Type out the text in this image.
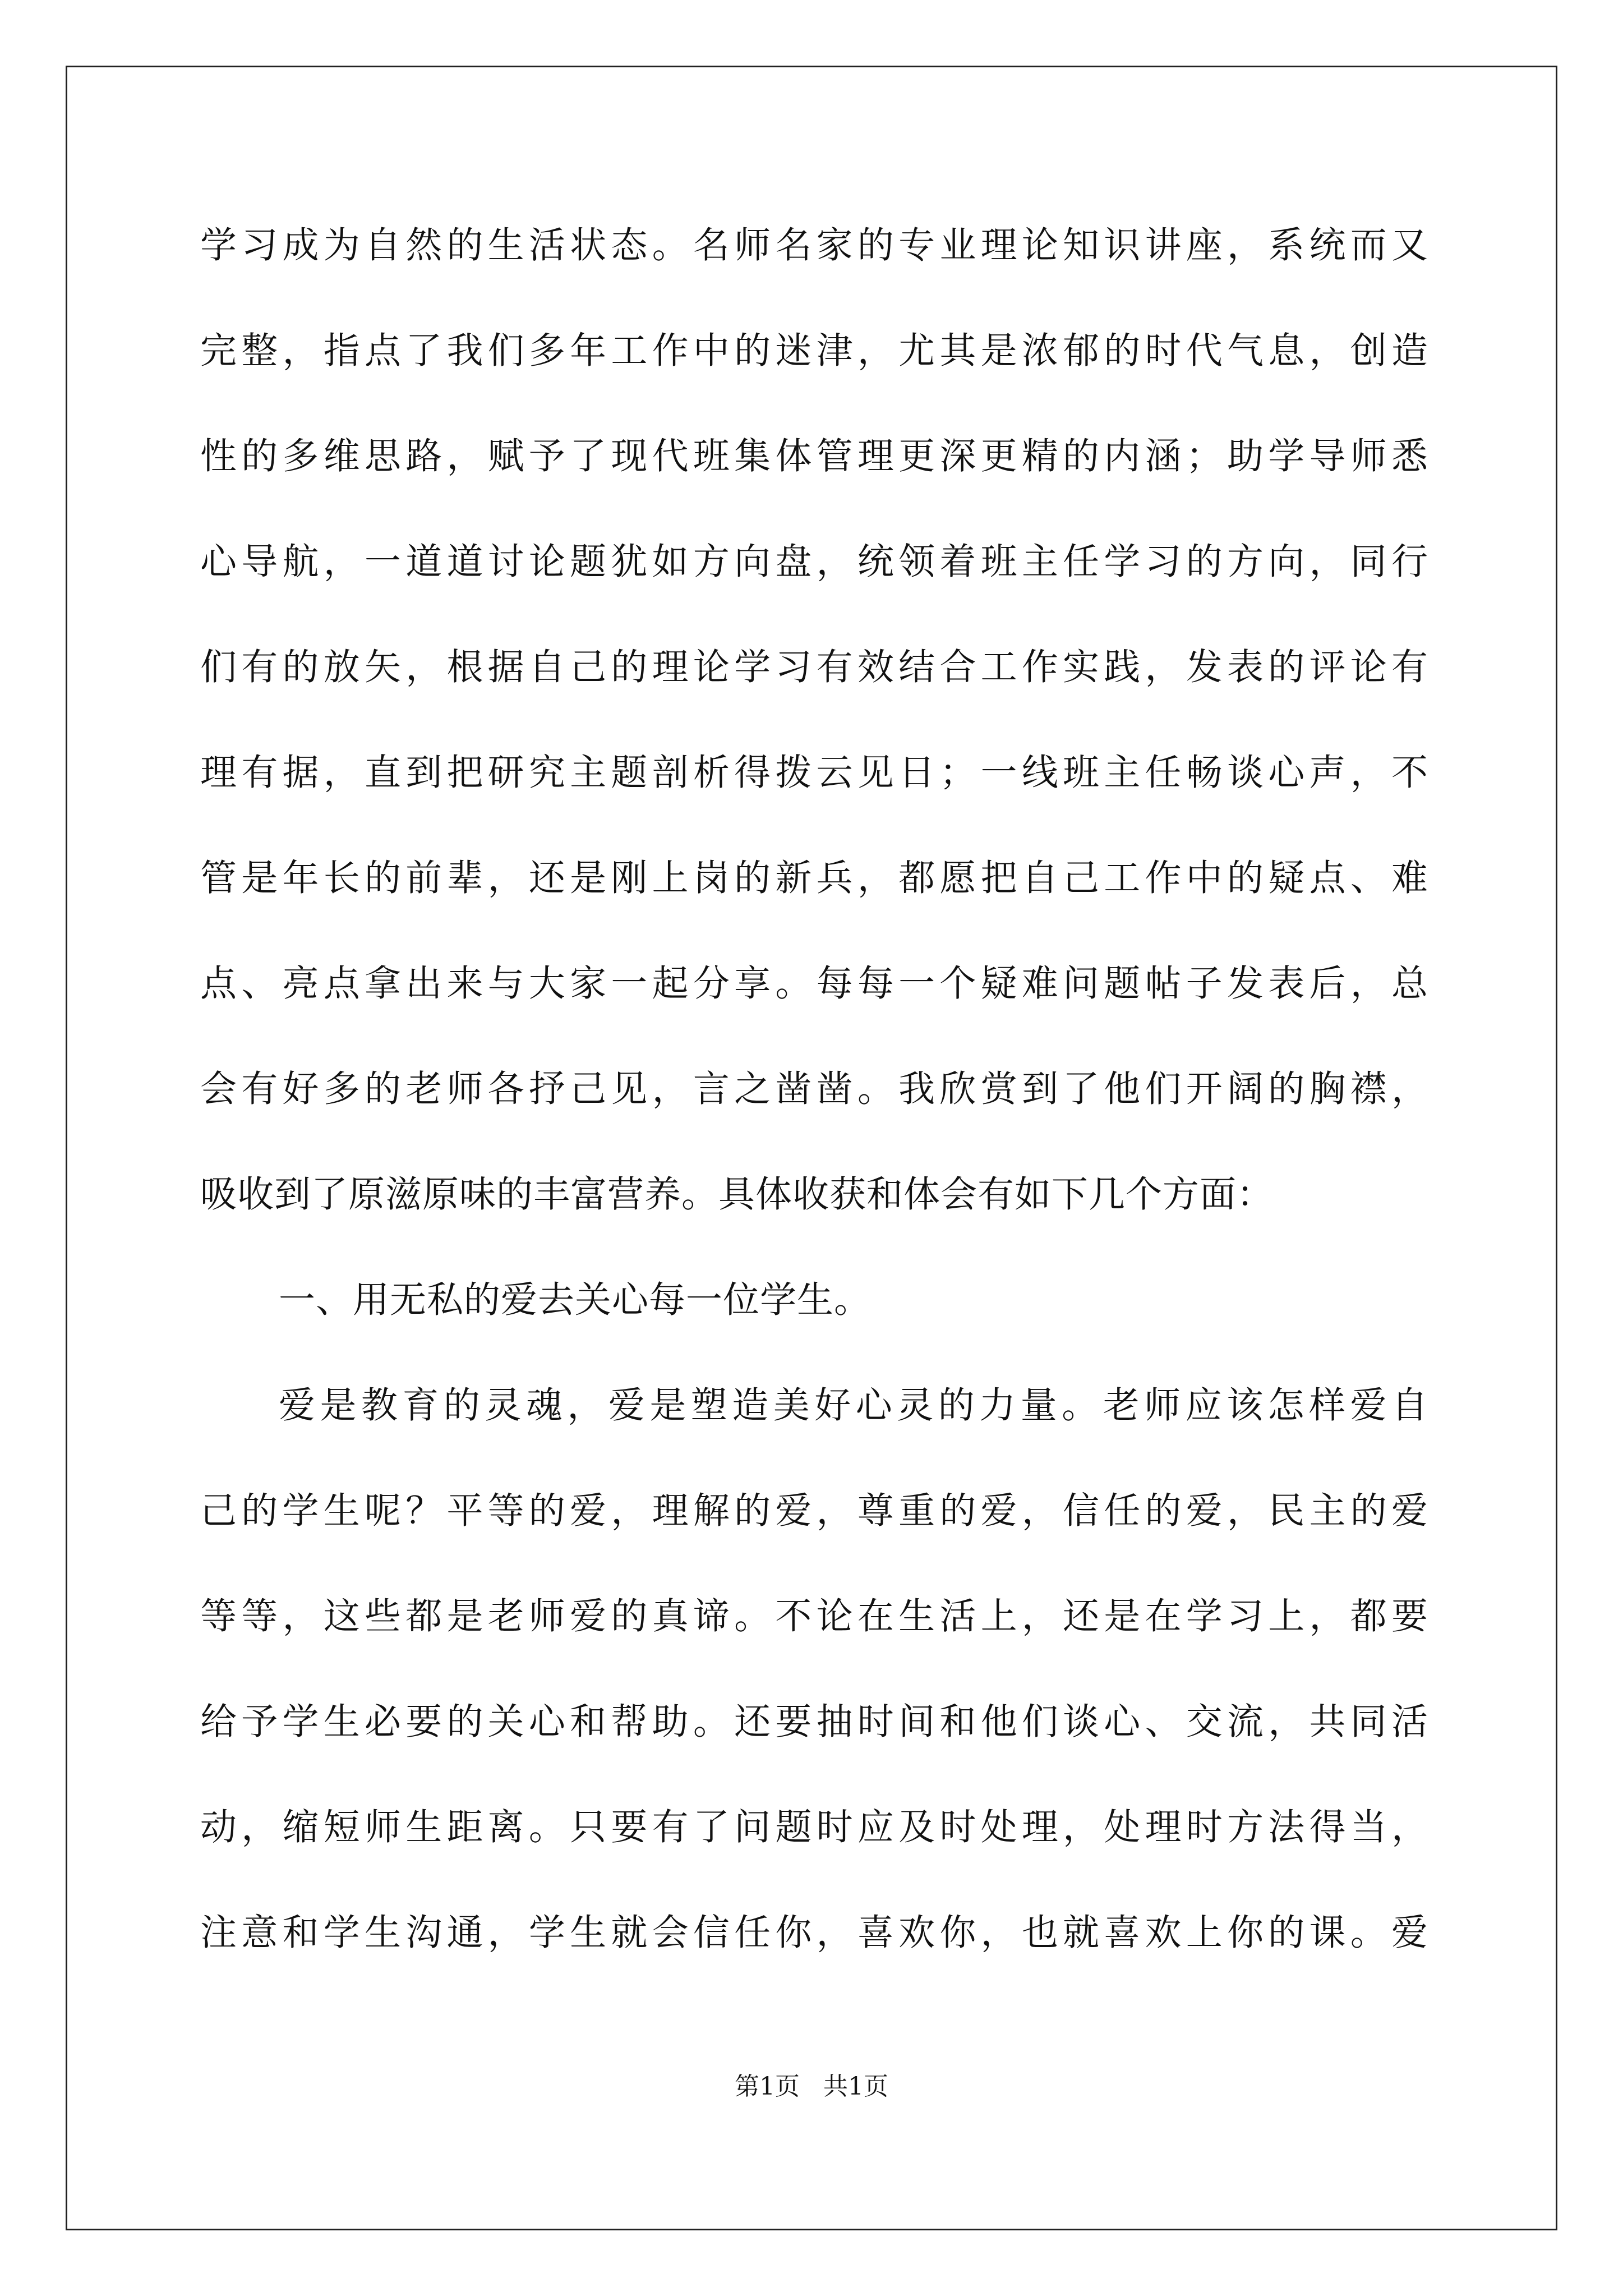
学习成为自然的生活状态。名师名家的专业理论知识讲座，系统而又
完整，指点了我们多年工作中的迷津，尤其是浓郁的时代气息，创造
性的多维思路，赋予了现代班集体管理更深更精的内涵；助学导师悉
心导航，一道道讨论题犹如方向盘，统领着班主任学习的方向，同行
们有的放矢，根据自己的理论学习有效结合工作实践，发表的评论有
理有据，直到把研究主题剖析得拨云见日；一线班主任畅谈心声，不
管是年长的前辈，还是刚上岗的新兵，都愿把自己工作中的疑点、难
点、亮点拿出来与大家一起分享。每每一个疑难问题帖子发表后，总
会有好多的老师各抒己见，言之凿凿。我欣赏到了他们开阔的胸襟，
吸收到了原滋原味的丰富营养。具体收获和体会有如下几个方面：
一、用无私的爱去关心每一位学生。
爱是教育的灵魂，爱是塑造美好心灵的力量。老师应该怎样爱自
己的学生呢？平等的爱，理解的爱，尊重的爱，信任的爱，民主的爱
等等，这些都是老师爱的真谛。不论在生活上，还是在学习上，都要
给予学生必要的关心和帮助。还要抽时间和他们谈心、交流，共同活
动，缩短师生距离。只要有了问题时应及时处理，处理时方法得当，
注意和学生沟通，学生就会信任你，喜欢你，也就喜欢上你的课。爱
第1页   共1页
